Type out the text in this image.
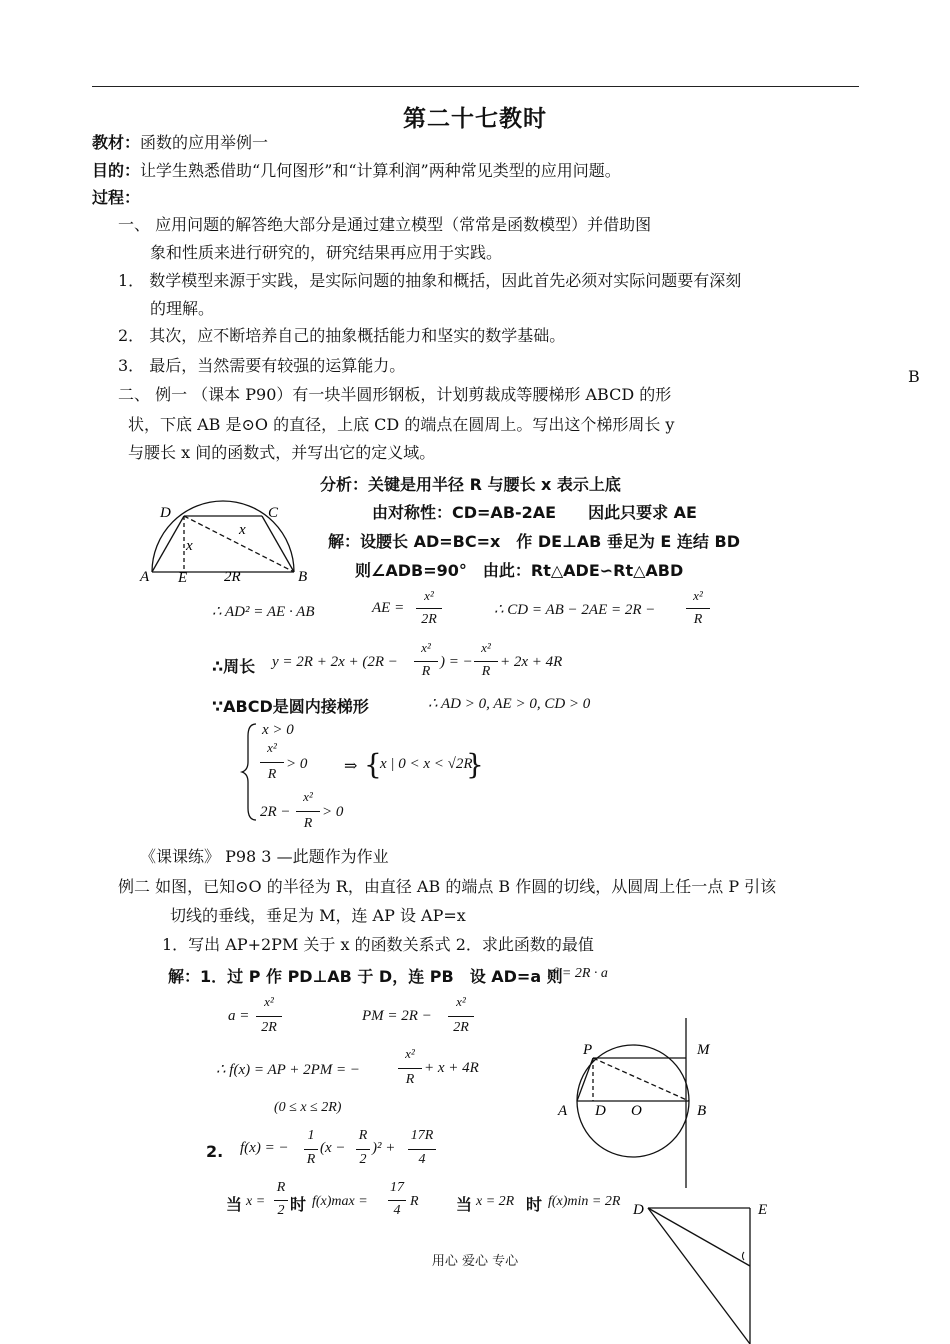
第二十七教时
教材：函数的应用举例一
目的：让学生熟悉借助“几何图形”和“计算利润”两种常见类型的应用问题。
过程：
一、 应用问题的解答绝大部分是通过建立模型（常常是函数模型）并借助图
象和性质来进行研究的，研究结果再应用于实践。
1． 数学模型来源于实践，是实际问题的抽象和概括，因此首先必须对实际问题要有深刻
的理解。
2． 其次，应不断培养自己的抽象概括能力和坚实的数学基础。
3． 最后，当然需要有较强的运算能力。
B
二、 例一 （课本 P90）有一块半圆形钢板，计划剪裁成等腰梯形 ABCD 的形
状，下底 AB 是⊙O 的直径，上底 CD 的端点在圆周上。写出这个梯形周长 y
与腰长 x 间的函数式，并写出它的定义域。
分析：关键是用半径 R 与腰长 x 表示上底
由对称性：CD=AB-2AE　　因此只要求 AE
解：设腰长 AD=BC=x　作 DE⊥AB 垂足为 E 连结 BD
则∠ADB=90°　由此：Rt△ADE∽Rt△ABD
D	C
A E 2R	B
x
x
∴ AD² = AE · AB	AE =
x²
2R
∴ CD = AB − 2AE = 2R −
x²
R
∴周长 y = 2R + 2x + (2R −
x²
R
) = −
x²
R
+ 2x + 4R
∵ABCD是圆内接梯形	∴ AD > 0, AE > 0, CD > 0
x > 0
x²
R
> 0
2R −
x²
R
> 0
⇒ {
x | 0 < x < √2R
}
《课课练》 P98 3 —此题作为作业
例二 如图，已知⊙O 的半径为 R，由直径 AB 的端点 B 作圆的切线，从圆周上任一点 P 引该
切线的垂线，垂足为 M，连 AP 设 AP=x
1．写出 AP+2PM 关于 x 的函数关系式 2．求此函数的最值
解：1．过 P 作 PD⊥AB 于 D，连 PB　设 AD=a 则
x² = 2R · a
a =
x²
2R
PM = 2R −
x²
2R
∴ f(x) = AP + 2PM = −
x²
R
+ x + 4R
(0 ≤ x ≤ 2R)
P	M
A D O	B
2. f(x) = −
1
R
(x −
R
2
)² +
17R
4
当 x =
R
2 时 f(x)max =
17
4
R 当 x = 2R 时 f(x)min = 2R
D	E
用心 爱心 专心
